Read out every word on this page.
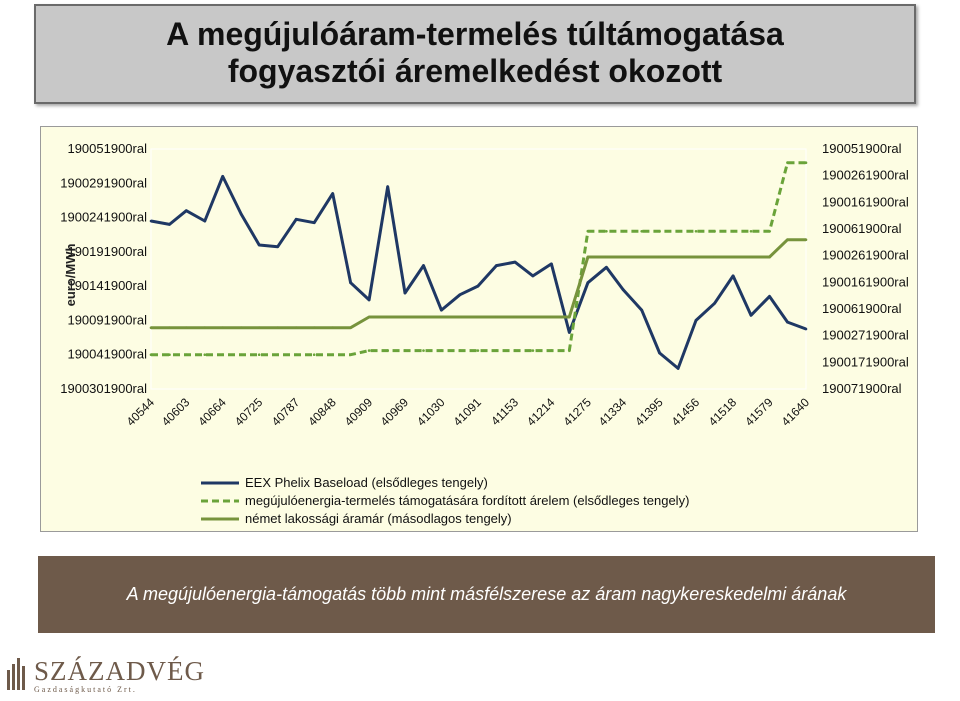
A megújulóáram-termelés túltámogatása
fogyasztói áremelkedést okozott
190051900ral
1900291900ral
1900241900ral
190191900ral
190141900ral
190091900ral
190041900ral
1900301900ral
190051900ral
1900261900ral
1900161900ral
190061900ral
1900261900ral
1900161900ral
190061900ral
1900271900ral
1900171900ral
190071900ral
euro/MWh
40544 40603 40664 40725 40787 40848 40909 40969 41030 41091 41153 41214 41275 41334 41395 41456 41518 41579 41640
EEX Phelix Baseload (elsődleges tengely)
megújulóenergia-termelés támogatására fordított árelem (elsődleges tengely)
német lakossági áramár (másodlagos tengely)
A megújulóenergia-támogatás több mint másfélszerese az áram nagykereskedelmi árának
SZÁZADVÉG
Gazdaságkutató Zrt.
